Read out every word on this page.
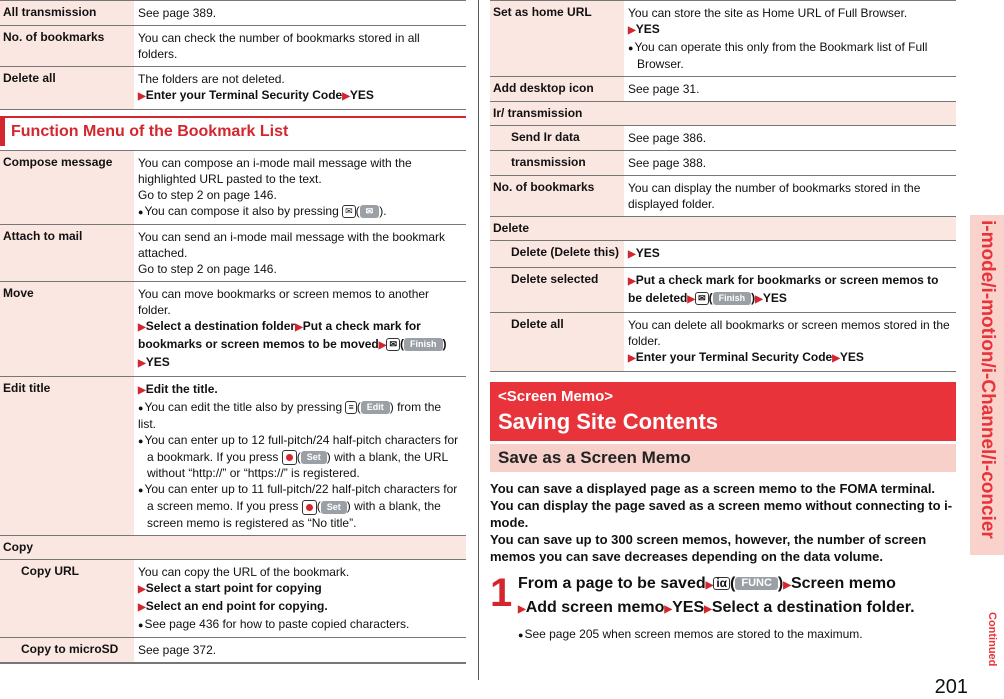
All transmission	See page 389.
No. of bookmarks	You can check the number of bookmarks stored in all folders.
Delete all	The folders are not deleted.
▶Enter your Terminal Security Code▶YES
Function Menu of the Bookmark List
Compose message	You can compose an i-mode mail message with the
highlighted URL pasted to the text.
Go to step 2 on page 146.
●You can compose it also by pressing ✉ ( ✉ ).
Attach to mail	You can send an i-mode mail message with the bookmark
attached.
Go to step 2 on page 146.
Move	You can move bookmarks or screen memos to another folder.
▶Select a destination folder▶Put a check mark for
bookmarks or screen memos to be moved▶ ✉ ( Finish )
▶YES
Edit title	▶Edit the title.
●You can edit the title also by pressing ≡ ( Edit ) from the
list.
●You can enter up to 12 full-pitch/24 half-pitch characters for
a bookmark. If you press ( Set ) with a blank, the URL
without “http://” or “https://” is registered.
●You can enter up to 11 full-pitch/22 half-pitch characters for
a screen memo. If you press ( Set ) with a blank, the
screen memo is registered as “No title”.
Copy
Copy URL	You can copy the URL of the bookmark.
▶Select a start point for copying
▶Select an end point for copying.
●See page 436 for how to paste copied characters.
Copy to microSD	See page 372.
Set as home URL	You can store the site as Home URL of Full Browser.
▶YES
●You can operate this only from the Bookmark list of Full
Browser.
Add desktop icon	See page 31.
Ir/ transmission
Send Ir data	See page 386.
transmission	See page 388.
No. of bookmarks	You can display the number of bookmarks stored in the
displayed folder.
Delete
Delete (Delete this) ▶YES
Delete selected	▶Put a check mark for bookmarks or screen memos to
be deleted▶ ✉ ( Finish )▶YES
Delete all	You can delete all bookmarks or screen memos stored in the
folder.
▶Enter your Terminal Security Code▶YES
<Screen Memo>
Saving Site Contents
Save as a Screen Memo
You can save a displayed page as a screen memo to the FOMA terminal. You can display the page saved as a screen memo without connecting to i-mode.
You can save up to 300 screen memos, however, the number of screen memos you can save decreases depending on the data volume.
1 From a page to be saved▶ iα ( FUNC )▶Screen memo
▶Add screen memo▶YES▶Select a destination folder.
●See page 205 when screen memos are stored to the maximum.
i-mode/i-motion/i-Channel/i-concier
Continued
201
